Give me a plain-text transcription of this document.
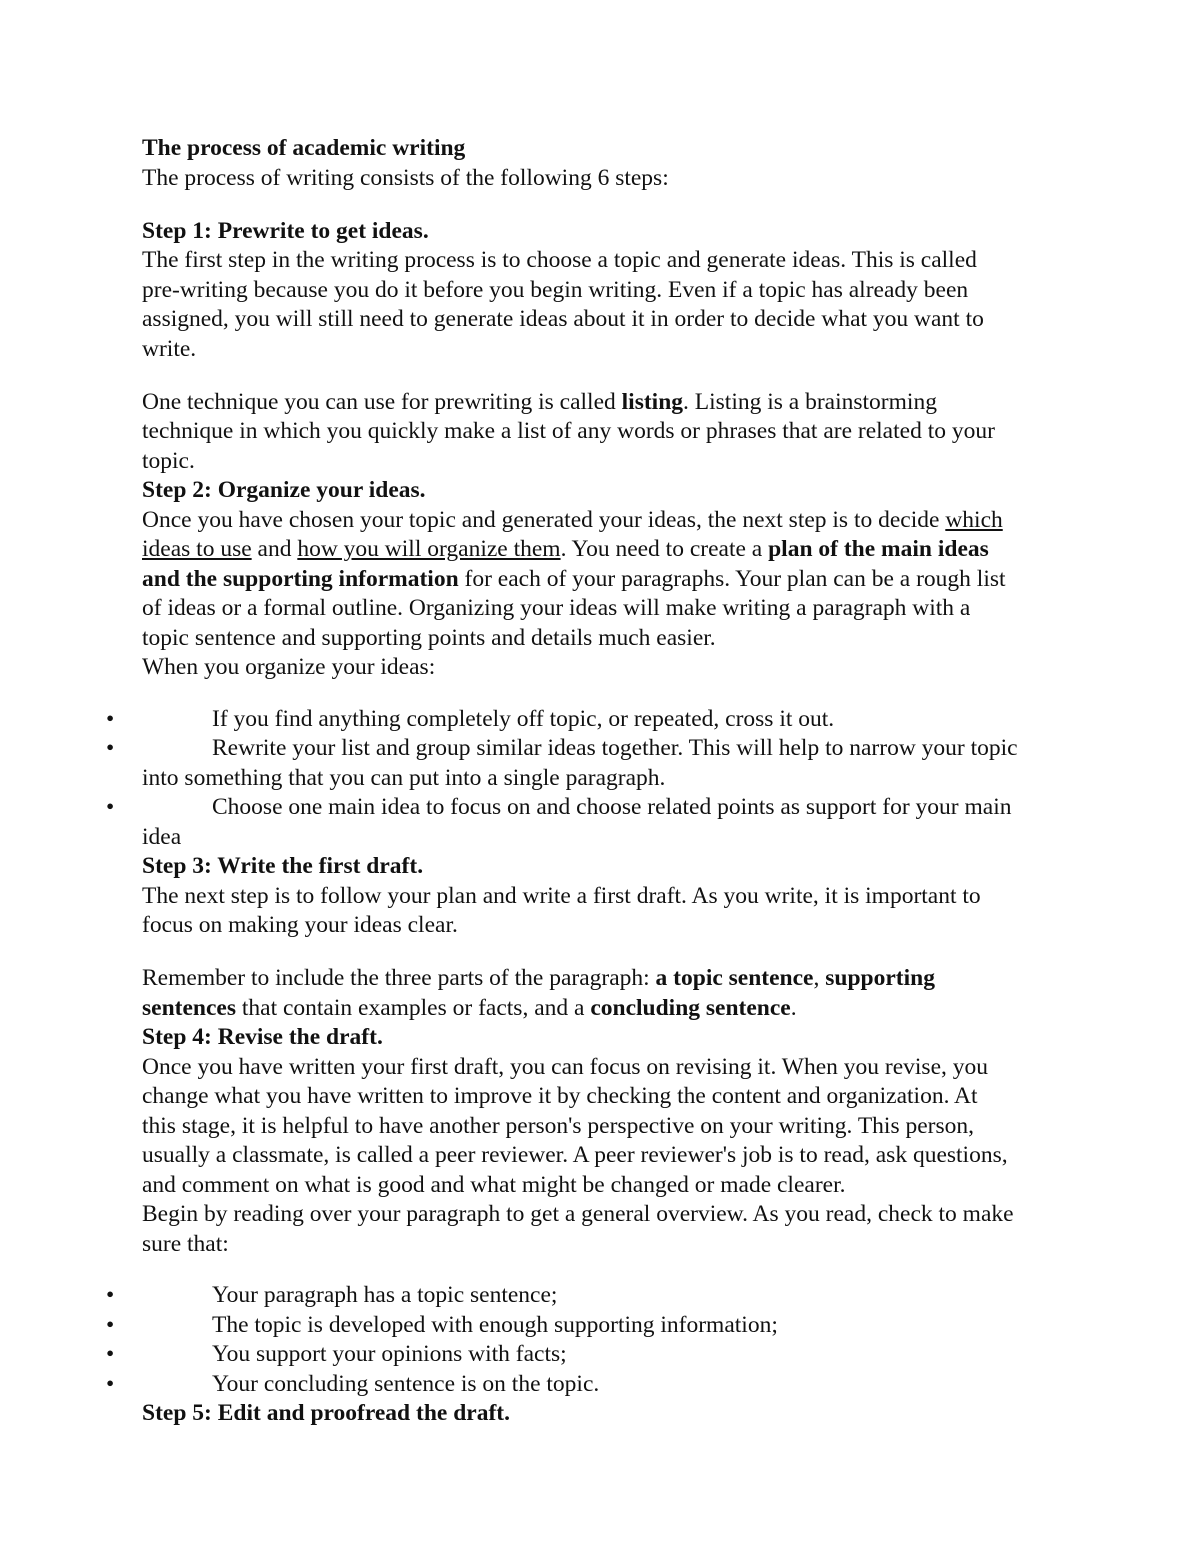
The process of academic writing
The process of writing consists of the following 6 steps:
Step 1: Prewrite to get ideas.
The first step in the writing process is to choose a topic and generate ideas. This is called
pre-writing because you do it before you begin writing. Even if a topic has already been
assigned, you will still need to generate ideas about it in order to decide what you want to
write.
One technique you can use for prewriting is called listing. Listing is a brainstorming
technique in which you quickly make a list of any words or phrases that are related to your
topic.
Step 2: Organize your ideas.
Once you have chosen your topic and generated your ideas, the next step is to decide which
ideas to use and how you will organize them. You need to create a plan of the main ideas
and the supporting information for each of your paragraphs. Your plan can be a rough list
of ideas or a formal outline. Organizing your ideas will make writing a paragraph with a
topic sentence and supporting points and details much easier.
When you organize your ideas:
•	If you find anything completely off topic, or repeated, cross it out.
•	Rewrite your list and group similar ideas together. This will help to narrow your topic
into something that you can put into a single paragraph.
•	Choose one main idea to focus on and choose related points as support for your main
idea
Step 3: Write the first draft.
The next step is to follow your plan and write a first draft. As you write, it is important to
focus on making your ideas clear.
Remember to include the three parts of the paragraph: a topic sentence, supporting
sentences that contain examples or facts, and a concluding sentence.
Step 4: Revise the draft.
Once you have written your first draft, you can focus on revising it. When you revise, you
change what you have written to improve it by checking the content and organization. At
this stage, it is helpful to have another person's perspective on your writing. This person,
usually a classmate, is called a peer reviewer. A peer reviewer's job is to read, ask questions,
and comment on what is good and what might be changed or made clearer.
Begin by reading over your paragraph to get a general overview. As you read, check to make
sure that:
•	Your paragraph has a topic sentence;
•	The topic is developed with enough supporting information;
•	You support your opinions with facts;
•	Your concluding sentence is on the topic.
Step 5: Edit and proofread the draft.
